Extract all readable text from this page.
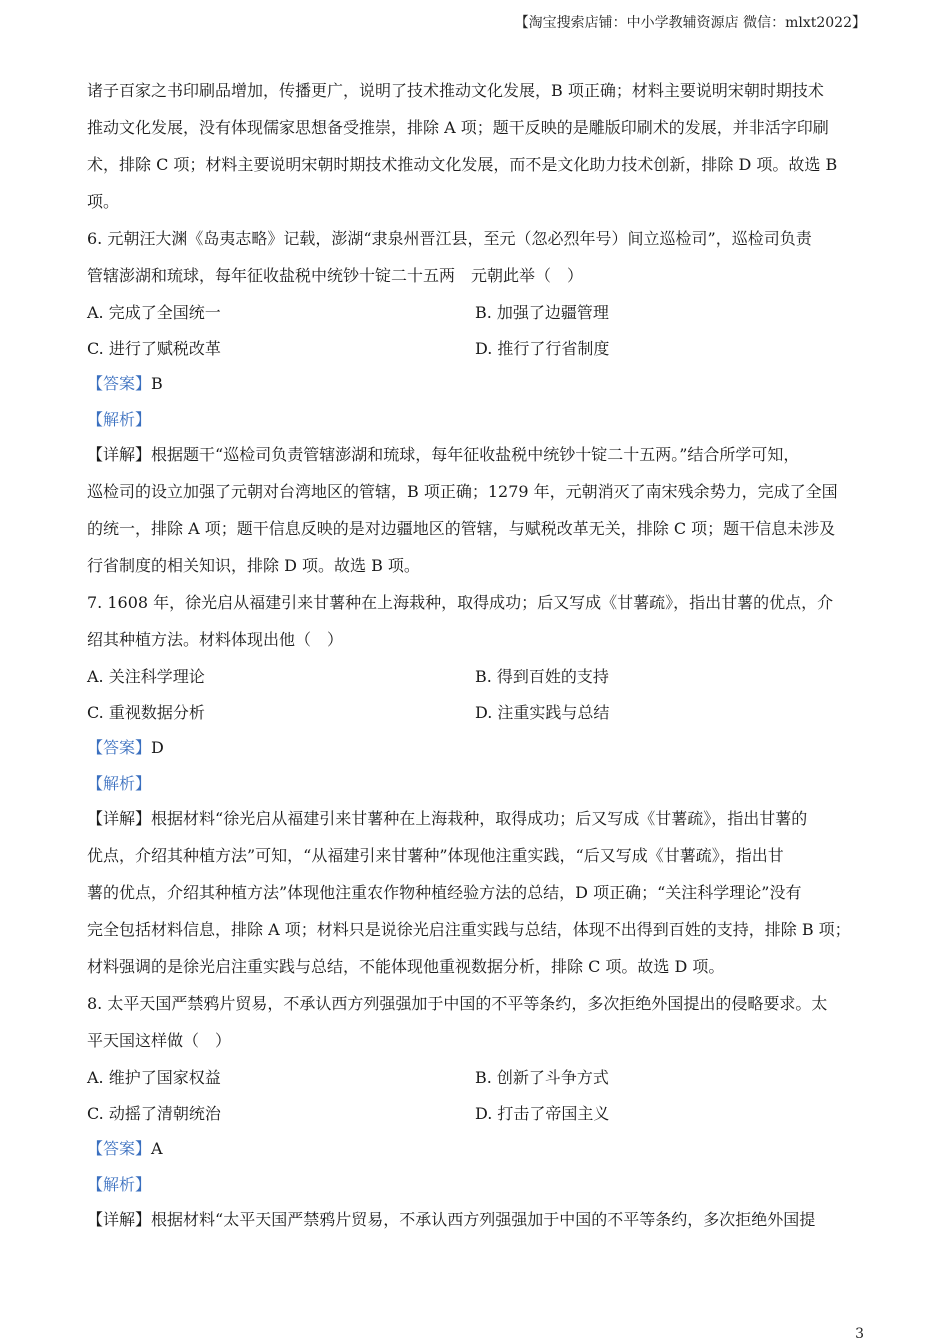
【淘宝搜索店铺：中小学教辅资源店 微信：mlxt2022】
诸子百家之书印刷品增加，传播更广，说明了技术推动文化发展，B 项正确；材料主要说明宋朝时期技术
推动文化发展，没有体现儒家思想备受推崇，排除 A 项；题干反映的是雕版印刷术的发展，并非活字印刷
术，排除 C 项；材料主要说明宋朝时期技术推动文化发展，而不是文化助力技术创新，排除 D 项。故选 B
项。
6. 元朝汪大渊《岛夷志略》记载，澎湖“隶泉州晋江县，至元（忽必烈年号）间立巡检司”，巡检司负责
管辖澎湖和琉球，每年征收盐税中统钞十锭二十五两　元朝此举（　）
A. 完成了全国统一	B. 加强了边疆管理
C. 进行了赋税改革	D. 推行了行省制度
【答案】 B
【解析】
【详解】根据题干“巡检司负责管辖澎湖和琉球，每年征收盐税中统钞十锭二十五两。”结合所学可知，
巡检司的设立加强了元朝对台湾地区的管辖，B 项正确；1279 年，元朝消灭了南宋残余势力，完成了全国
的统一，排除 A 项；题干信息反映的是对边疆地区的管辖，与赋税改革无关，排除 C 项；题干信息未涉及
行省制度的相关知识，排除 D 项。故选 B 项。
7. 1608 年，徐光启从福建引来甘薯种在上海栽种，取得成功；后又写成《甘薯疏》，指出甘薯的优点，介
绍其种植方法。材料体现出他（　）
A. 关注科学理论	B. 得到百姓的支持
C. 重视数据分析	D. 注重实践与总结
【答案】 D
【解析】
【详解】根据材料“徐光启从福建引来甘薯种在上海栽种，取得成功；后又写成《甘薯疏》，指出甘薯的
优点，介绍其种植方法”可知，“从福建引来甘薯种”体现他注重实践，“后又写成《甘薯疏》，指出甘
薯的优点，介绍其种植方法”体现他注重农作物种植经验方法的总结，D 项正确；“关注科学理论”没有
完全包括材料信息，排除 A 项；材料只是说徐光启注重实践与总结，体现不出得到百姓的支持，排除 B 项；
材料强调的是徐光启注重实践与总结，不能体现他重视数据分析，排除 C 项。故选 D 项。
8. 太平天国严禁鸦片贸易，不承认西方列强强加于中国的不平等条约，多次拒绝外国提出的侵略要求。太
平天国这样做（　）
A. 维护了国家权益	B. 创新了斗争方式
C. 动摇了清朝统治	D. 打击了帝国主义
【答案】 A
【解析】
【详解】根据材料“太平天国严禁鸦片贸易，不承认西方列强强加于中国的不平等条约，多次拒绝外国提
3
